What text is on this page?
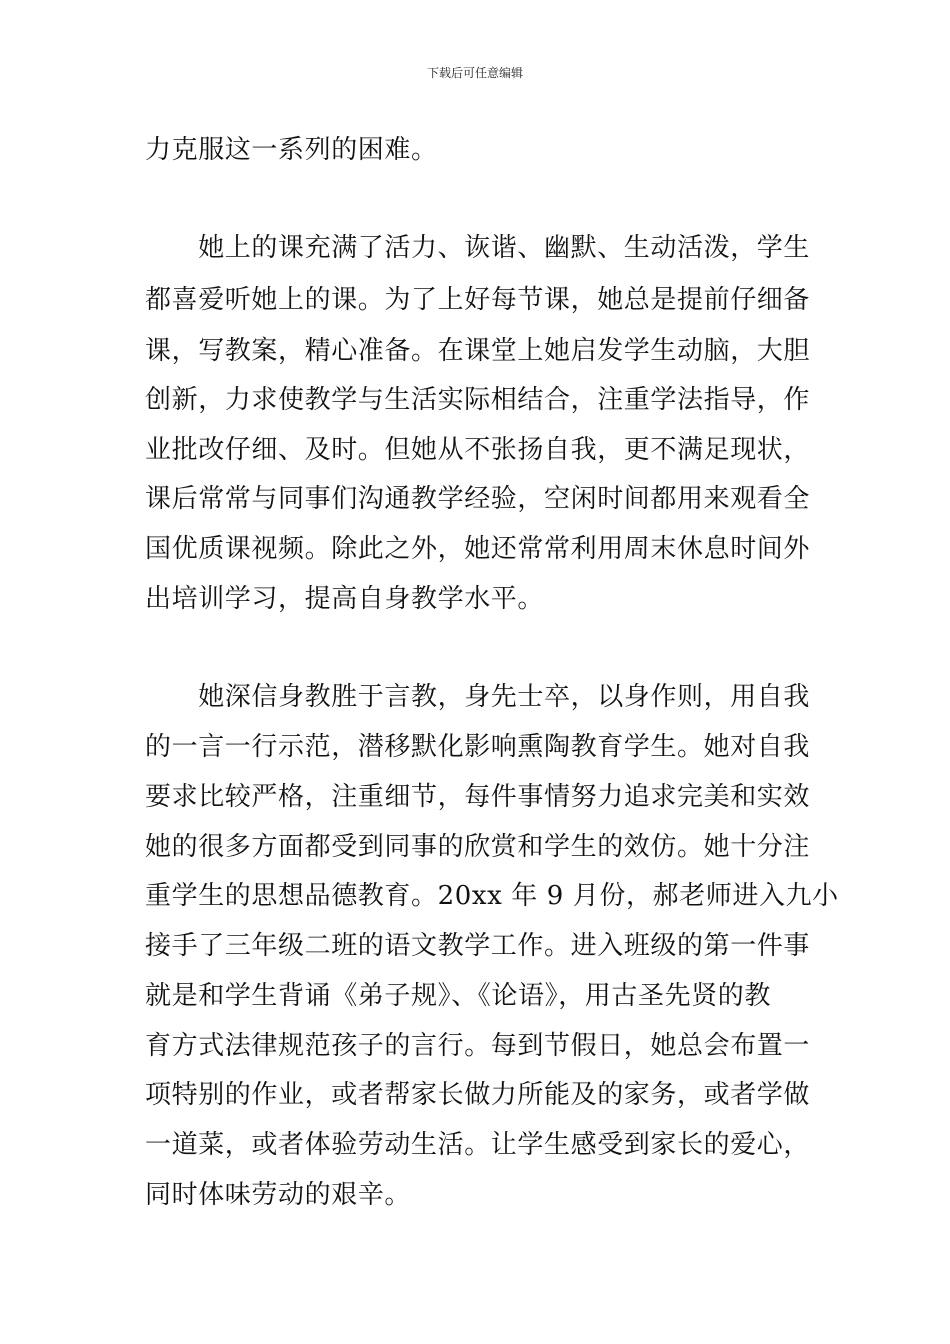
下载后可任意编辑
力克服这一系列的困难。
　　她上的课充满了活力、诙谐、幽默、生动活泼，学生
都喜爱听她上的课。为了上好每节课，她总是提前仔细备
课，写教案，精心准备。在课堂上她启发学生动脑，大胆
创新，力求使教学与生活实际相结合，注重学法指导，作
业批改仔细、及时。但她从不张扬自我，更不满足现状，
课后常常与同事们沟通教学经验，空闲时间都用来观看全
国优质课视频。除此之外，她还常常利用周末休息时间外
出培训学习，提高自身教学水平。
　　她深信身教胜于言教，身先士卒，以身作则，用自我
的一言一行示范，潜移默化影响熏陶教育学生。她对自我
要求比较严格，注重细节，每件事情努力追求完美和实效
她的很多方面都受到同事的欣赏和学生的效仿。她十分注
重学生的思想品德教育。20xx 年 9 月份，郝老师进入九小
接手了三年级二班的语文教学工作。进入班级的第一件事
就是和学生背诵《弟子规》、《论语》，用古圣先贤的教
育方式法律规范孩子的言行。每到节假日，她总会布置一
项特别的作业，或者帮家长做力所能及的家务，或者学做
一道菜，或者体验劳动生活。让学生感受到家长的爱心，
同时体味劳动的艰辛。
